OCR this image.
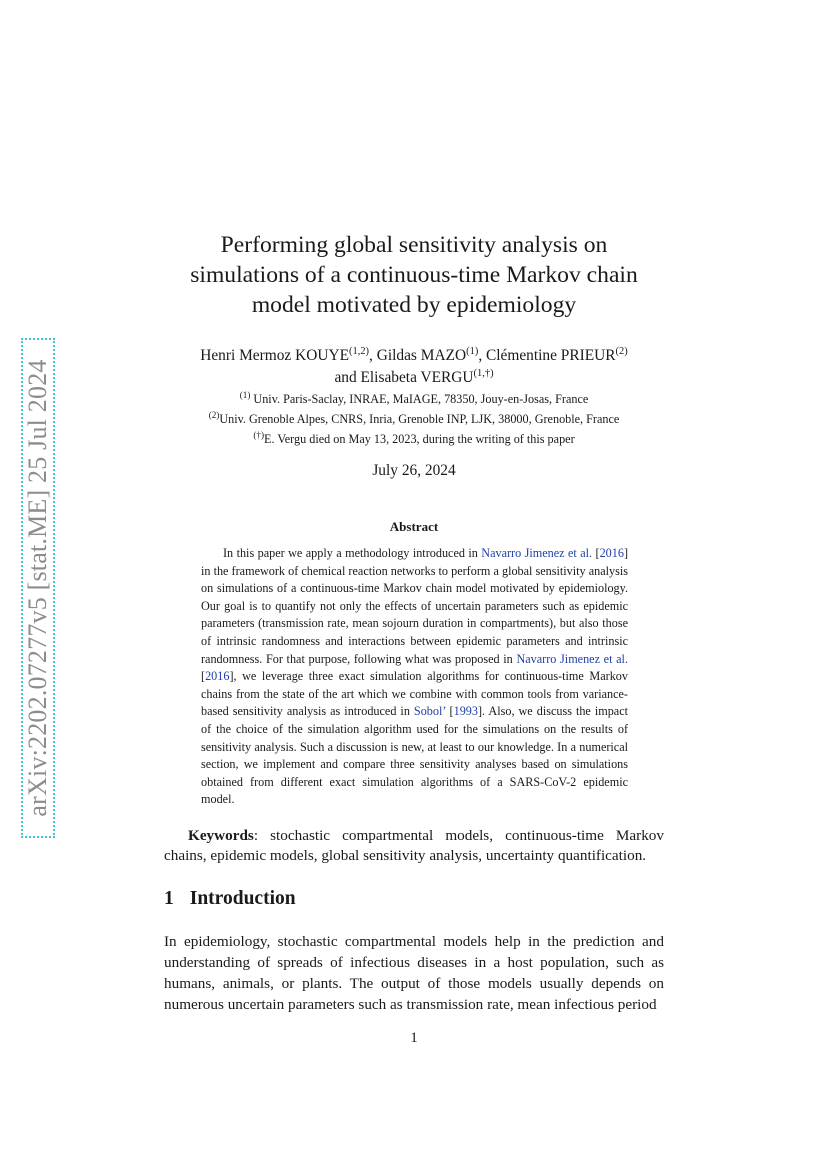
arXiv:2202.07277v5 [stat.ME] 25 Jul 2024
Performing global sensitivity analysis on
simulations of a continuous-time Markov chain
model motivated by epidemiology
Henri Mermoz KOUYE$^{(1,2)}$, Gildas MAZO$^{(1)}$, Clémentine PRIEUR$^{(2)}$
and Elisabeta $VERGU^{(1,\dagger)}$
$^{(1)}$ Univ. Paris-Saclay, INRAE, MaIAGE, 78350, Jouy-en-Josas, France
$^{(2)}$Univ. Grenoble Alpes, CNRS, Inria, Grenoble INP, LJK, 38000, Grenoble, France
(†)E. Vergu died on May 13, 2023, during the writing of this paper
July 26, 2024
Abstract

In this paper we apply a methodology introduced in Navarro Jimenez et al. [2016] in the framework of chemical reaction networks to perform a global sensitivity analysis on simulations of a continuous-time Markov chain model motivated by epidemiology. Our goal is to quantify not only the effects of uncertain parameters such as epidemic parameters (transmission rate, mean sojourn duration in compartments), but also those of intrinsic randomness and interactions between epidemic parameters and intrinsic randomness. For that purpose, following what was proposed in Navarro Jimenez et al. [2016], we leverage three exact simulation algorithms for continuous-time Markov chains from the state of the art which we combine with common tools from variance-based sensitivity analysis as introduced in Sobol’ [1993]. Also, we discuss the impact of the choice of the simulation algorithm used for the simulations on the results of sensitivity analysis. Such a discussion is new, at least to our knowledge. In a numerical section, we implement and compare three sensitivity analyses based on simulations obtained from different exact simulation algorithms of a SARS-CoV-2 epidemic model.

Keywords: stochastic compartmental models, continuous-time Markov chains, epidemic models, global sensitivity analysis, uncertainty quantification.

1 Introduction

In epidemiology, stochastic compartmental models help in the prediction and understanding of spreads of infectious diseases in a host population, such as humans, animals, or plants. The output of those models usually depends on numerous uncertain parameters such as transmission rate, mean infectious period

1
